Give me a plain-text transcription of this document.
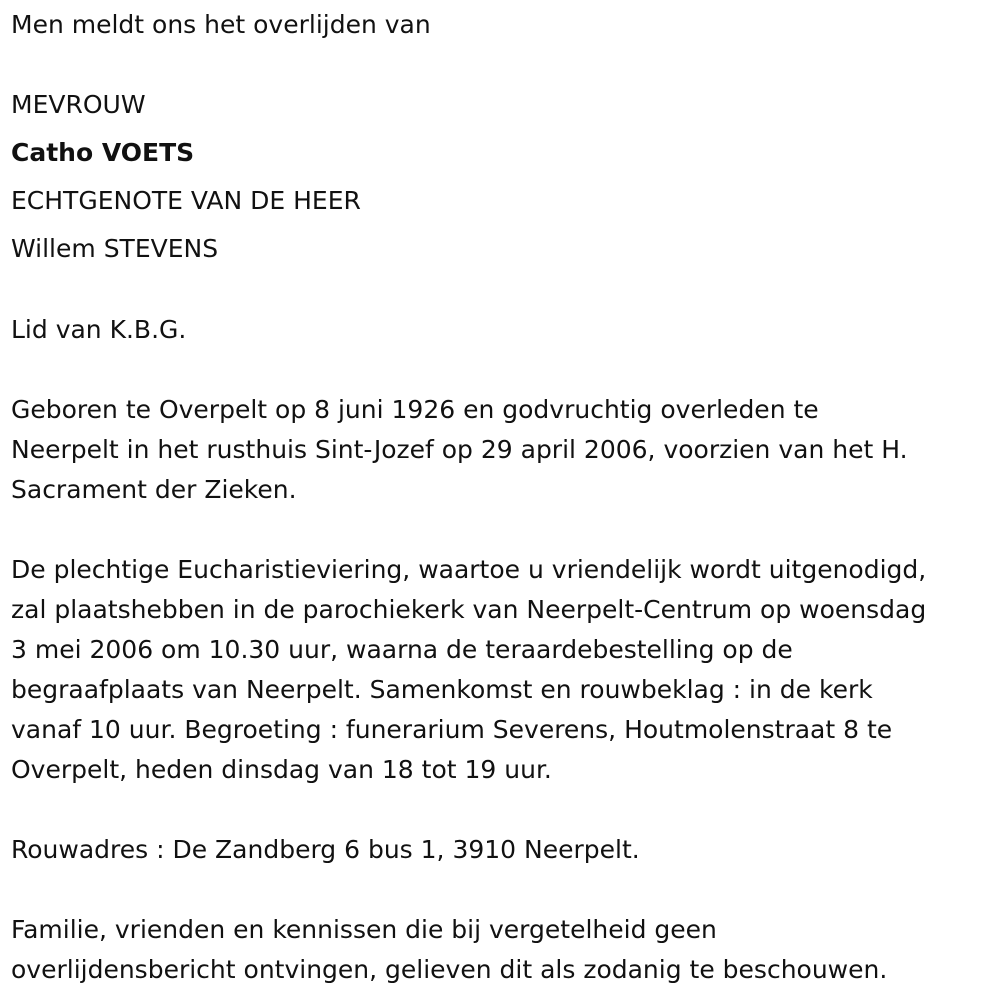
Men meldt ons het overlijden van
MEVROUW
Catho VOETS
ECHTGENOTE VAN DE HEER
Willem STEVENS
Lid van K.B.G.
Geboren te Overpelt op 8 juni 1926 en godvruchtig overleden te
Neerpelt in het rusthuis Sint-Jozef op 29 april 2006, voorzien van het H.
Sacrament der Zieken.
De plechtige Eucharistieviering, waartoe u vriendelijk wordt uitgenodigd,
zal plaatshebben in de parochiekerk van Neerpelt-Centrum op woensdag
3 mei 2006 om 10.30 uur, waarna de teraardebestelling op de
begraafplaats van Neerpelt. Samenkomst en rouwbeklag : in de kerk
vanaf 10 uur. Begroeting : funerarium Severens, Houtmolenstraat 8 te
Overpelt, heden dinsdag van 18 tot 19 uur.
Rouwadres : De Zandberg 6 bus 1, 3910 Neerpelt.
Familie, vrienden en kennissen die bij vergetelheid geen
overlijdensbericht ontvingen, gelieven dit als zodanig te beschouwen.
